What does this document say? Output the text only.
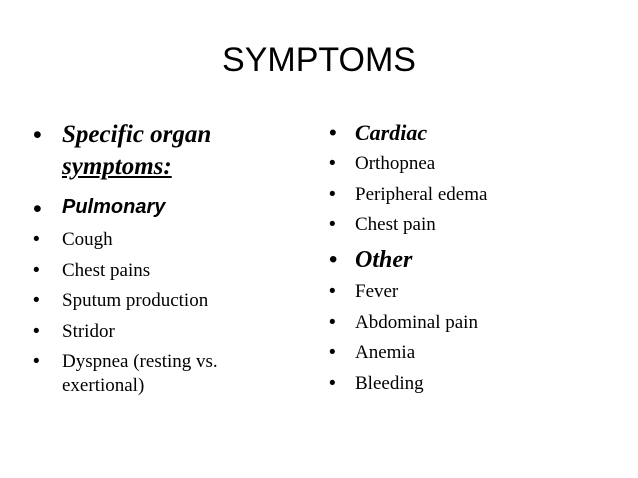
SYMPTOMS
• Specific organ
symptoms:
• Pulmonary
• Cough
• Chest pains
• Sputum production
• Stridor
• Dyspnea (resting vs.
exertional)
• Cardiac
• Orthopnea
• Peripheral edema
• Chest pain
• Other
• Fever
• Abdominal pain
• Anemia
• Bleeding
